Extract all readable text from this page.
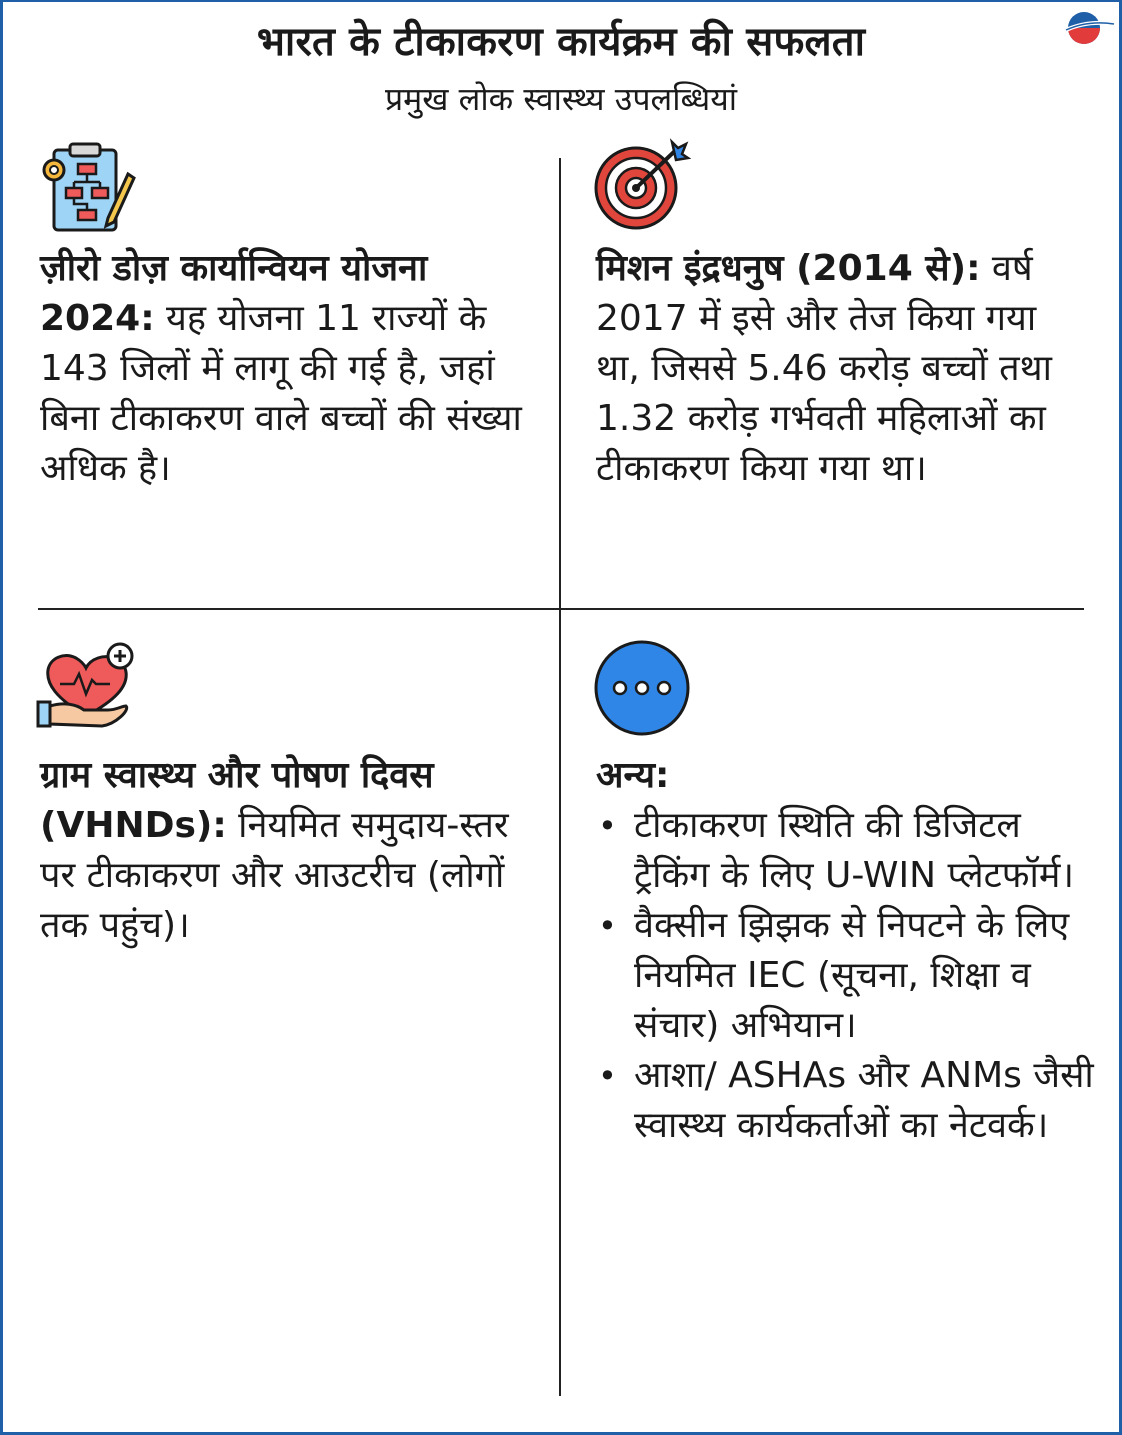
भारत के टीकाकरण कार्यक्रम की सफलता
प्रमुख लोक स्वास्थ्य उपलब्धियां

ज़ीरो डोज़ कार्यान्वियन योजना 2024: यह योजना 11 राज्यों के 143 जिलों में लागू की गई है, जहां बिना टीकाकरण वाले बच्चों की संख्या अधिक है।

मिशन इंद्रधनुष (2014 से): वर्ष 2017 में इसे और तेज किया गया था, जिससे 5.46 करोड़ बच्चों तथा 1.32 करोड़ गर्भवती महिलाओं का टीकाकरण किया गया था।

ग्राम स्वास्थ्य और पोषण दिवस (VHNDs): नियमित समुदाय-स्तर पर टीकाकरण और आउटरीच (लोगों तक पहुंच)।

अन्य:

• टीकाकरण स्थिति की डिजिटल ट्रैकिंग के लिए U-WIN प्लेटफॉर्म।
• वैक्सीन झिझक से निपटने के लिए नियमित IEC (सूचना, शिक्षा व संचार) अभियान।
• आशा/ ASHAs और ANMs जैसी स्वास्थ्य कार्यकर्ताओं का नेटवर्क।
